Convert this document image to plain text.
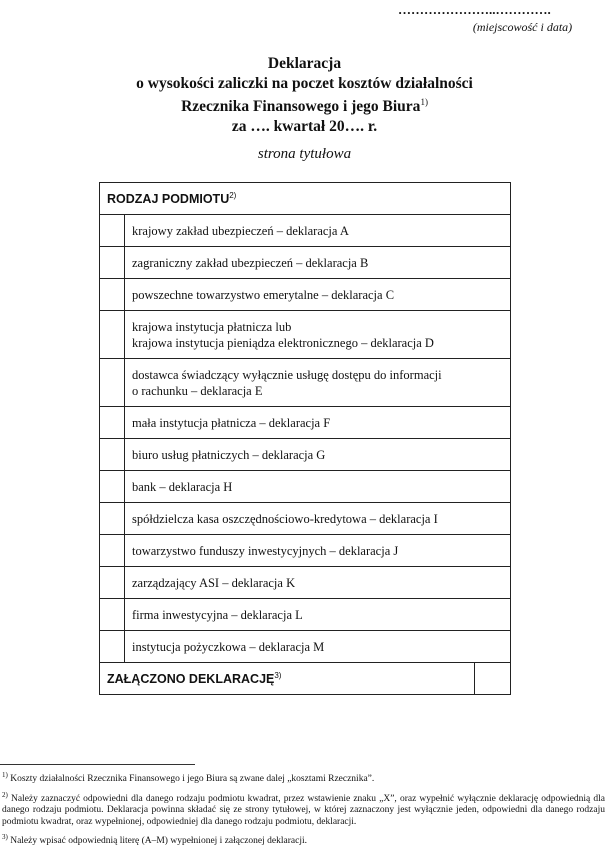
…………………..………….
(miejscowość i data)
Deklaracja
o wysokości zaliczki na poczet kosztów działalności
Rzecznika Finansowego i jego Biura$^{1)}$
za …. kwartał 20…. r.
strona tytułowa
RODZAJ PODMIOTU$^{2)}$

krajowy zakład ubezpieczeń – deklaracja A

zagraniczny zakład ubezpieczeń – deklaracja B

powszechne towarzystwo emerytalne – deklaracja C

krajowa instytucja płatnicza lub
krajowa instytucja pieniądza elektronicznego – deklaracja D

dostawca świadczący wyłącznie usługę dostępu do informacji
o rachunku – deklaracja E

mała instytucja płatnicza – deklaracja F

biuro usług płatniczych – deklaracja G

bank – deklaracja H

spółdzielcza kasa oszczędnościowo-kredytowa – deklaracja I

towarzystwo funduszy inwestycyjnych – deklaracja J

zarządzający ASI – deklaracja K

firma inwestycyjna – deklaracja L

instytucja pożyczkowa – deklaracja M

ZAŁĄCZONO DEKLARACJĘ$^{3)}$	
$^{1)}$ Koszty działalności Rzecznika Finansowego i jego Biura są zwane dalej „kosztami Rzecznika”.
$^{2)}$ Należy zaznaczyć odpowiedni dla danego rodzaju podmiotu kwadrat, przez wstawienie znaku „X”, oraz wypełnić wyłącznie deklarację odpowiednią dla danego rodzaju podmiotu. Deklaracja powinna składać się ze strony tytułowej, w której zaznaczony jest wyłącznie jeden, odpowiedni dla danego rodzaju podmiotu kwadrat, oraz wypełnionej, odpowiedniej dla danego rodzaju podmiotu, deklaracji.
$^{3)}$ Należy wpisać odpowiednią literę (A–M) wypełnionej i załączonej deklaracji.
